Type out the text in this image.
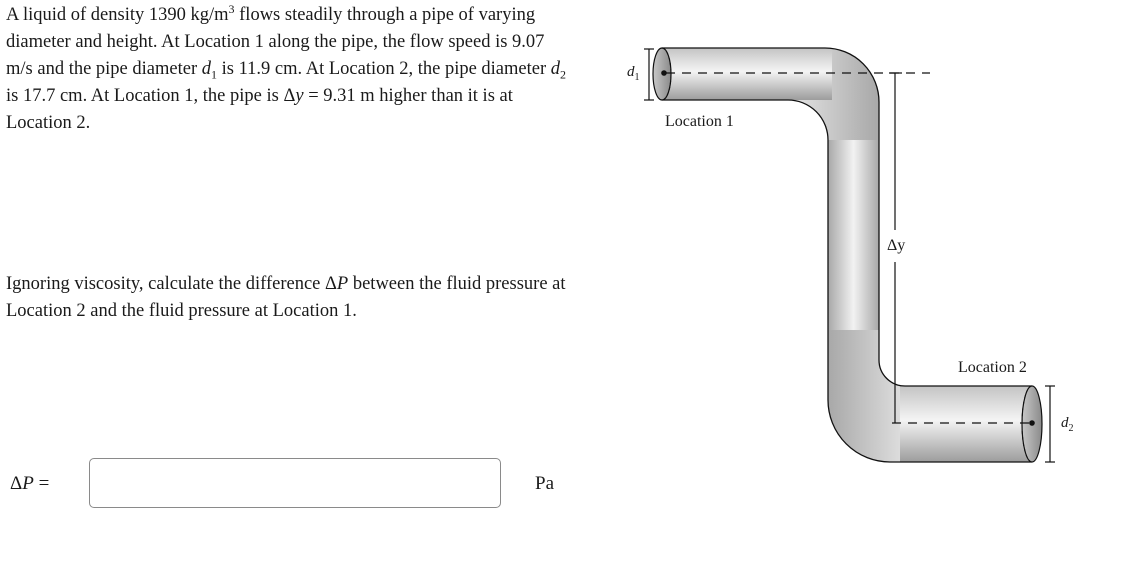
A liquid of density 1390 $kg/m^3$ flows steadily through a pipe of varying diameter and height. At Location 1 along the pipe, the flow speed is 9.07 m/s and the pipe diameter $d_1$ is 11.9 cm. At Location 2, the pipe diameter $d_2$ is 17.7 cm. At Location 1, the pipe is Δy = 9.31 m higher than it is at Location 2.

Ignoring viscosity, calculate the difference ΔP between the fluid pressure at Location 2 and the fluid pressure at Location 1.

ΔP =	Pa
Δy
$d_1$
$d_2$
Location 1
Location 2
